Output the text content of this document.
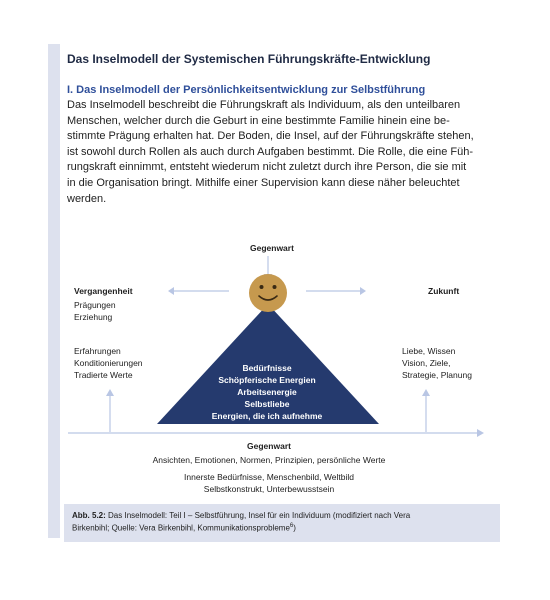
Das Inselmodell der Systemischen Führungskräfte-Entwicklung
I. Das Inselmodell der Persönlichkeitsentwicklung zur Selbstführung

Das Inselmodell beschreibt die Führungskraft als Individuum, als den unteilbaren
Menschen, welcher durch die Geburt in eine bestimmte Familie hinein eine be-
stimmte Prägung erhalten hat. Der Boden, die Insel, auf der Führungskräfte stehen,
ist sowohl durch Rollen als auch durch Aufgaben bestimmt. Die Rolle, die eine Füh-
rungskraft einnimmt, entsteht wiederum nicht zuletzt durch ihre Person, die sie mit
in die Organisation bringt. Mithilfe einer Supervision kann diese näher beleuchtet
werden.

Gegenwart
Vergangenheit
Prägungen
Erziehung
Zukunft
Erfahrungen
Konditionierungen
Tradierte Werte
Liebe, Wissen
Vision, Ziele,
Strategie, Planung
Bedürfnisse
Schöpferische Energien
Arbeitsenergie
Selbstliebe
Energien, die ich aufnehme
Gegenwart
Ansichten, Emotionen, Normen, Prinzipien, persönliche Werte
Innerste Bedürfnisse, Menschenbild, Weltbild
Selbstkonstrukt, Unterbewusstsein
Abb. 5.2: Das Inselmodell: Teil I – Selbstführung, Insel für ein Individuum (modifiziert nach Vera
Birkenbihl; Quelle: Vera Birkenbihl, Kommunikationsprobleme$^6$)
